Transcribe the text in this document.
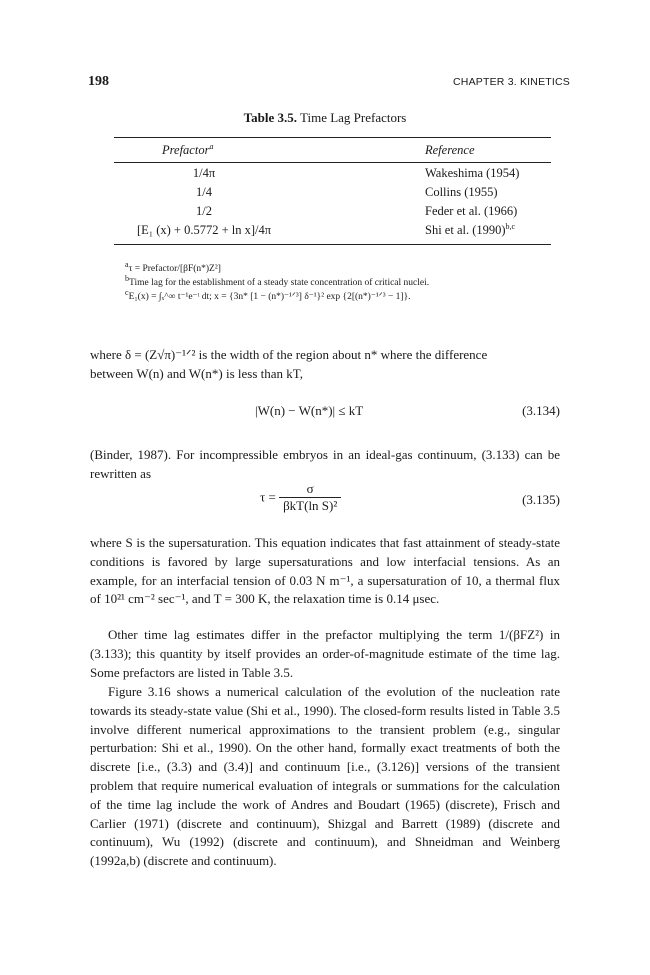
198	CHAPTER 3. KINETICS
Table 3.5. Time Lag Prefactors
Prefactor$^a$	Reference
1/4π	Wakeshima (1954)
1/4	Collins (1955)
1/2	Feder et al. (1966)
[E₁ (x) + 0.5772 + ln x]/4π	Shi et al. $(1990)^{b,c}$
$^a$τ = Prefactor/[βF(n*)Z²]
$^b$Time lag for the establishment of a steady state concentration of critical nuclei.
$^c$E₁(x) = ∫ₓ^∞ t⁻¹e⁻ᵗ dt; x = {3n* [1 − (n*)⁻¹ᐟ³] δ⁻¹}² exp {2[(n*)⁻¹ᐟ³ − 1]}.

where δ = (Z√π)⁻¹ᐟ² is the width of the region about n* where the difference

between W(n) and W(n*) is less than kT,

|W(n) − W(n*)| ≤ kT	(3.134)

(Binder, 1987). For incompressible embryos in an ideal-gas continuum, (3.133) can be rewritten as

$\tau = \frac{\sigma}{\text{βkT(ln S)²}}$	(3.135)

where S is the supersaturation. This equation indicates that fast attainment of steady-state conditions is favored by large supersaturations and low interfacial tensions. As an example, for an interfacial tension of 0.03 N m⁻¹, a supersaturation of 10, a thermal flux of 10²¹ cm⁻² sec⁻¹, and T = 300 K, the relaxation time is 0.14 μsec.

Other time lag estimates differ in the prefactor multiplying the term 1/(βFZ²) in (3.133); this quantity by itself provides an order-of-magnitude estimate of the time lag. Some prefactors are listed in Table 3.5.

Figure 3.16 shows a numerical calculation of the evolution of the nucleation rate towards its steady-state value (Shi et al., 1990). The closed-form results listed in Table 3.5 involve different numerical approximations to the transient problem (e.g., singular perturbation: Shi et al., 1990). On the other hand, formally exact treatments of both the discrete [i.e., (3.3) and (3.4)] and continuum [i.e., (3.126)] versions of the transient problem that require numerical evaluation of integrals or summations for the calculation of the time lag include the work of Andres and Boudart (1965) (discrete), Frisch and Carlier (1971) (discrete and continuum), Shizgal and Barrett (1989) (discrete and continuum), Wu (1992) (discrete and continuum), and Shneidman and Weinberg (1992a,b) (discrete and continuum).
